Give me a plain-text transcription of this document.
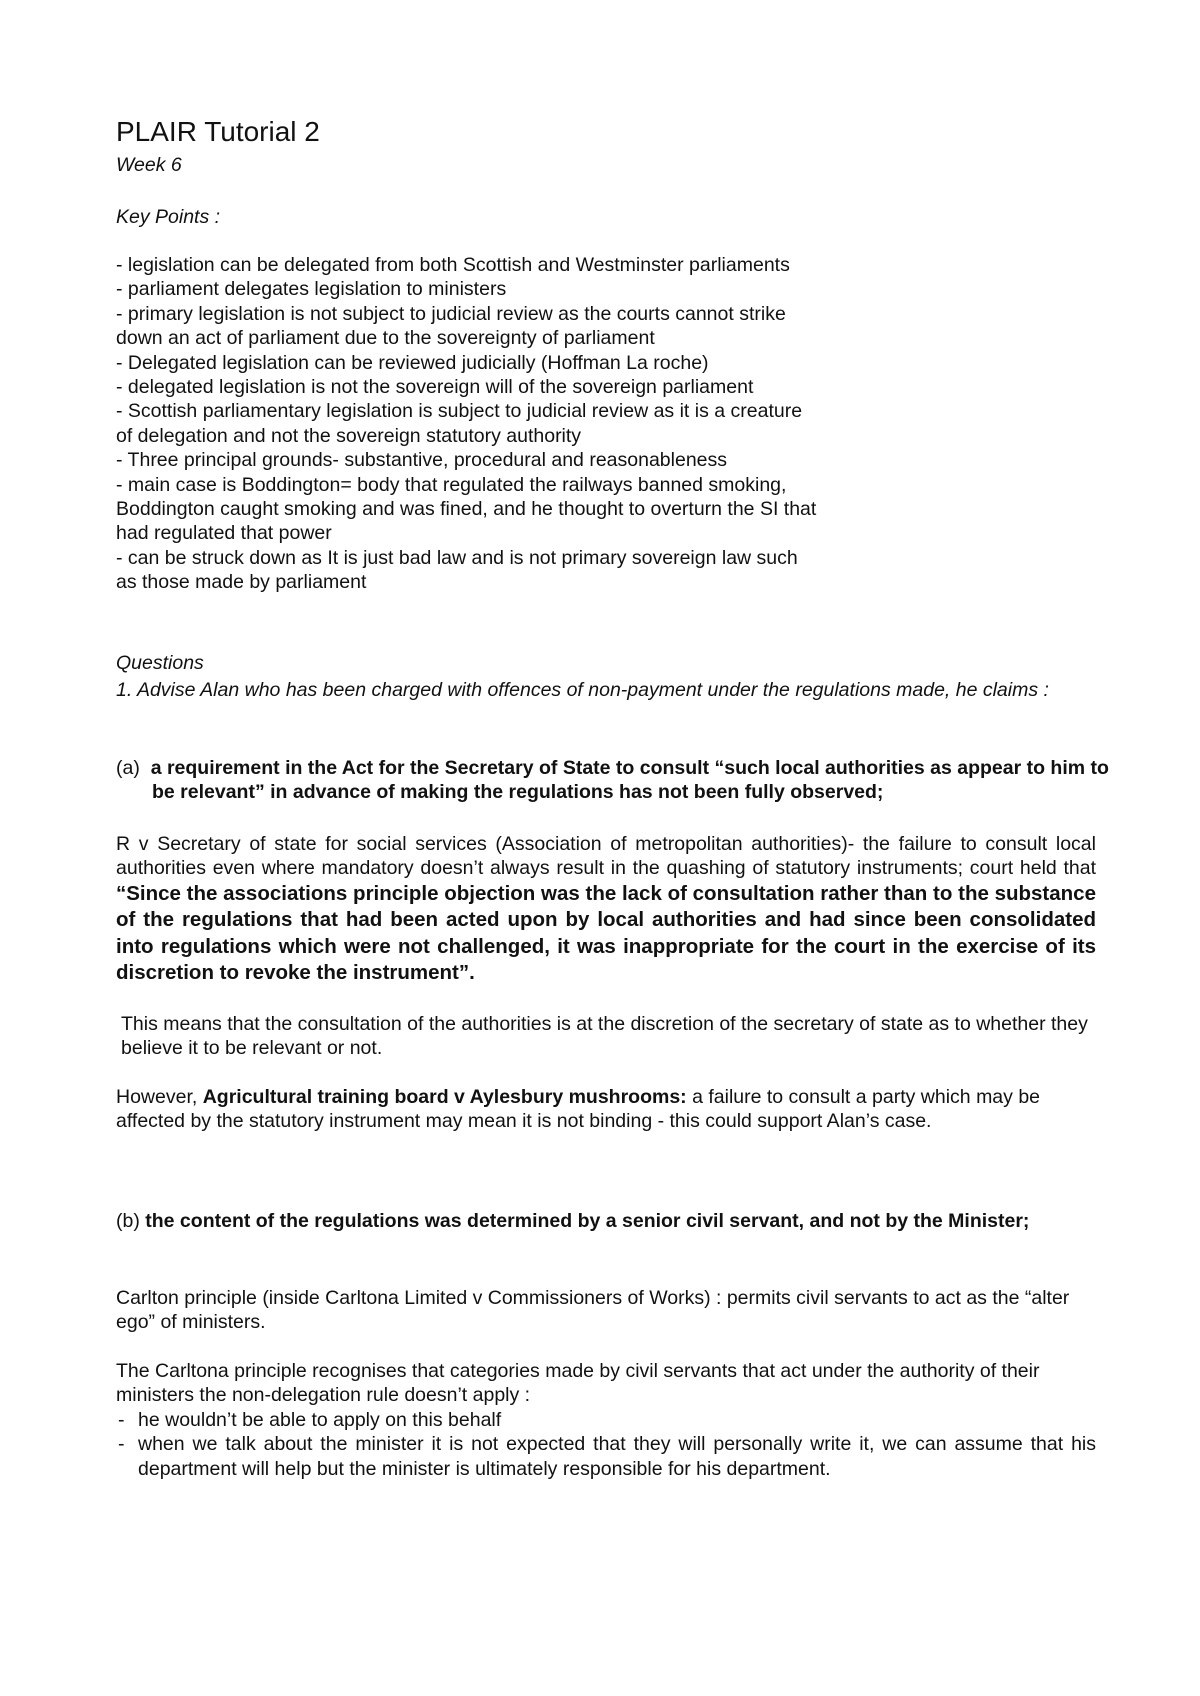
PLAIR Tutorial 2
Week 6
Key Points :
- legislation can be delegated from both Scottish and Westminster parliaments
- parliament delegates legislation to ministers
- primary legislation is not subject to judicial review as the courts cannot strike
down an act of parliament due to the sovereignty of parliament
- Delegated legislation can be reviewed judicially (Hoffman La roche)
- delegated legislation is not the sovereign will of the sovereign parliament
- Scottish parliamentary legislation is subject to judicial review as it is a creature
of delegation and not the sovereign statutory authority
- Three principal grounds- substantive, procedural and reasonableness
- main case is Boddington= body that regulated the railways banned smoking,
Boddington caught smoking and was fined, and he thought to overturn the SI that
had regulated that power
- can be struck down as It is just bad law and is not primary sovereign law such
as those made by parliament
Questions
1. Advise Alan who has been charged with offences of non-payment under the regulations made, he claims :
(a) a requirement in the Act for the Secretary of State to consult “such local authorities as appear to him to be relevant” in advance of making the regulations has not been fully observed;
R v Secretary of state for social services (Association of metropolitan authorities)- the failure to consult local authorities even where mandatory doesn’t always result in the quashing of statutory instruments; court held that “Since the associations principle objection was the lack of consultation rather than to the substance of the regulations that had been acted upon by local authorities and had since been consolidated into regulations which were not challenged, it was inappropriate for the court in the exercise of its discretion to revoke the instrument”.
This means that the consultation of the authorities is at the discretion of the secretary of state as to whether they believe it to be relevant or not.
However, Agricultural training board v Aylesbury mushrooms: a failure to consult a party which may be affected by the statutory instrument may mean it is not binding - this could support Alan’s case.
(b) the content of the regulations was determined by a senior civil servant, and not by the Minister;
Carlton principle (inside Carltona Limited v Commissioners of Works) : permits civil servants to act as the “alter ego” of ministers.
The Carltona principle recognises that categories made by civil servants that act under the authority of their ministers the non-delegation rule doesn’t apply :
- he wouldn’t be able to apply on this behalf
- when we talk about the minister it is not expected that they will personally write it, we can assume that his department will help but the minister is ultimately responsible for his department.
